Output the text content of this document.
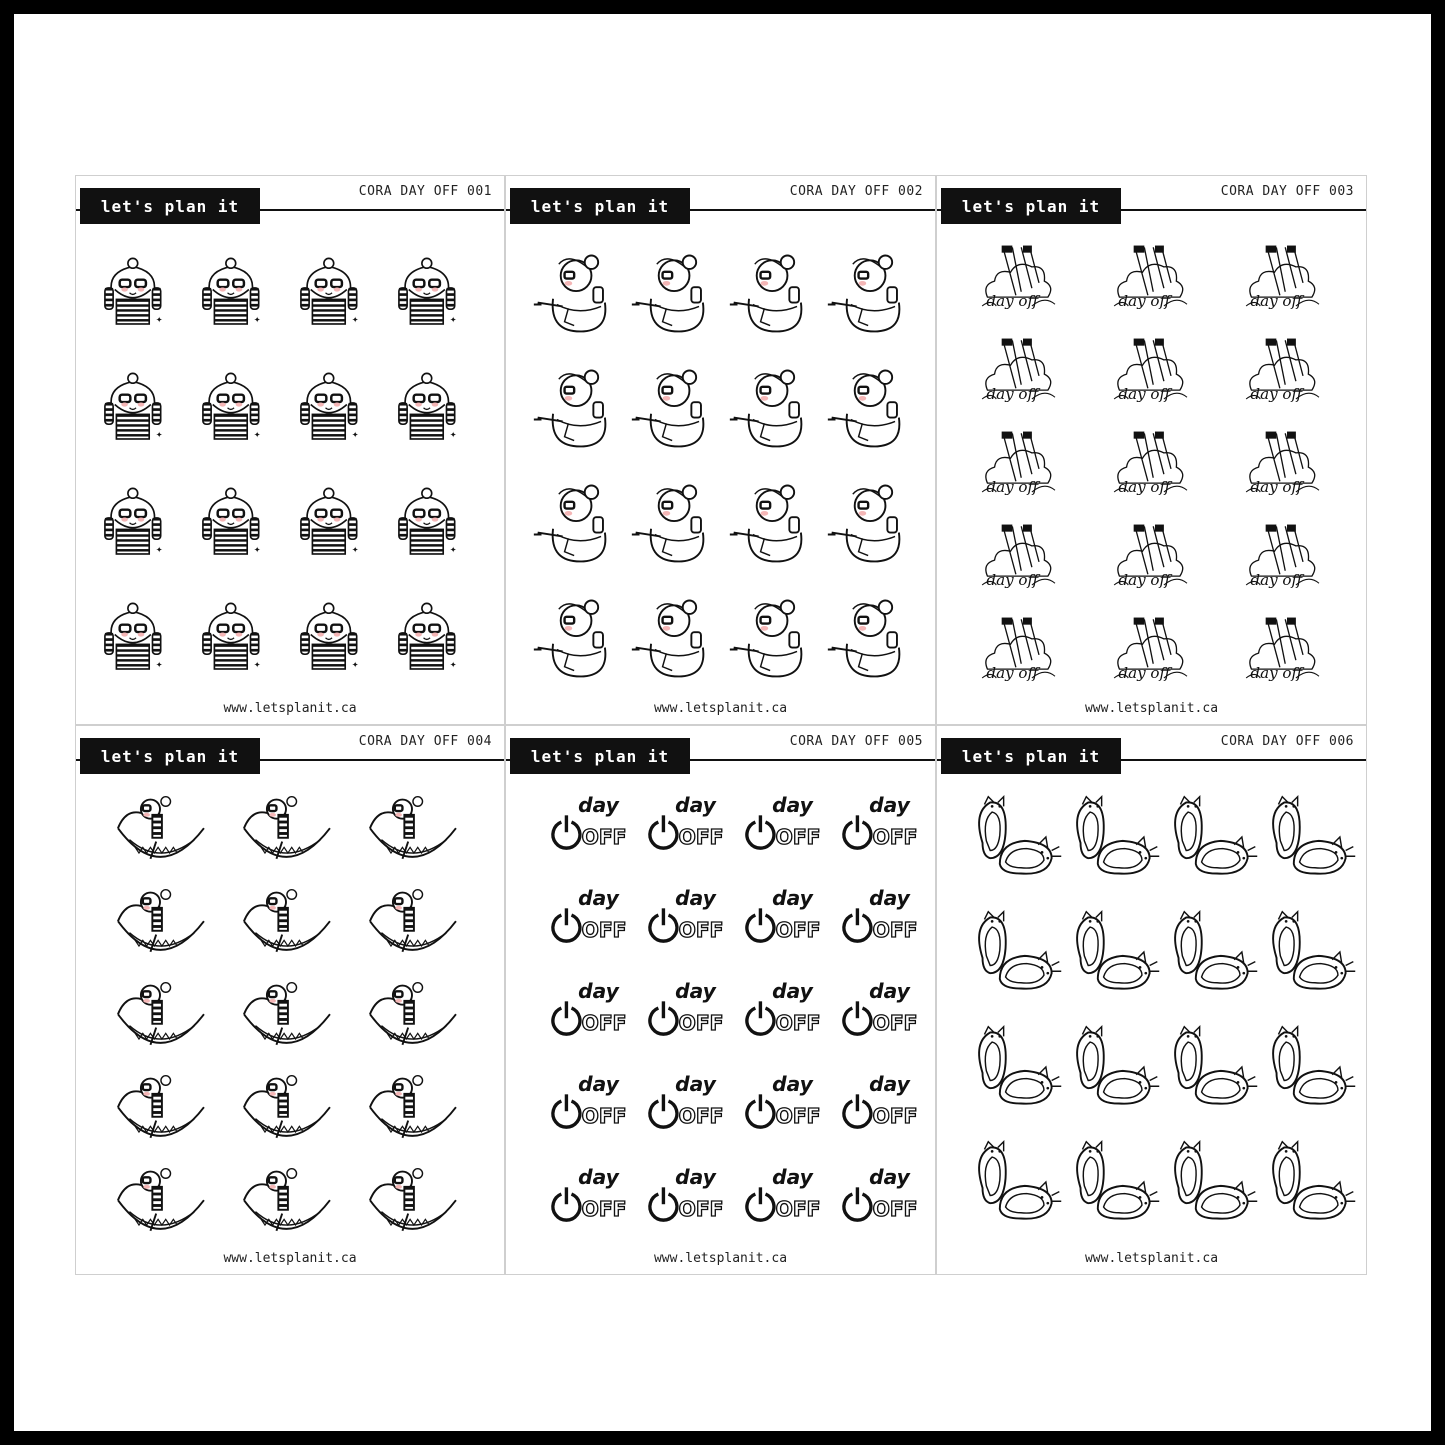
let's plan it
CORA DAY OFF 001
✦	✦	✦	✦
✦	✦	✦	✦
✦	✦	✦	✦
✦	✦	✦	✦
www.letsplanit.ca
let's plan it
CORA DAY OFF 002
www.letsplanit.ca
let's plan it
CORA DAY OFF 003
day off	day off	day off
day off	day off	day off
day off	day off	day off
day off	day off	day off
day off	day off	day off
www.letsplanit.ca
let's plan it
CORA DAY OFF 004
www.letsplanit.ca
let's plan it
CORA DAY OFF 005
day
OFF
day
OFF
day
OFF
day
OFF
day
OFF
day
OFF
day
OFF
day
OFF
day
OFF
day
OFF
day
OFF
day
OFF
day
OFF
day
OFF
day
OFF
day
OFF
day
OFF
day
OFF
day
OFF
day
OFF
www.letsplanit.ca
let's plan it
CORA DAY OFF 006
www.letsplanit.ca
